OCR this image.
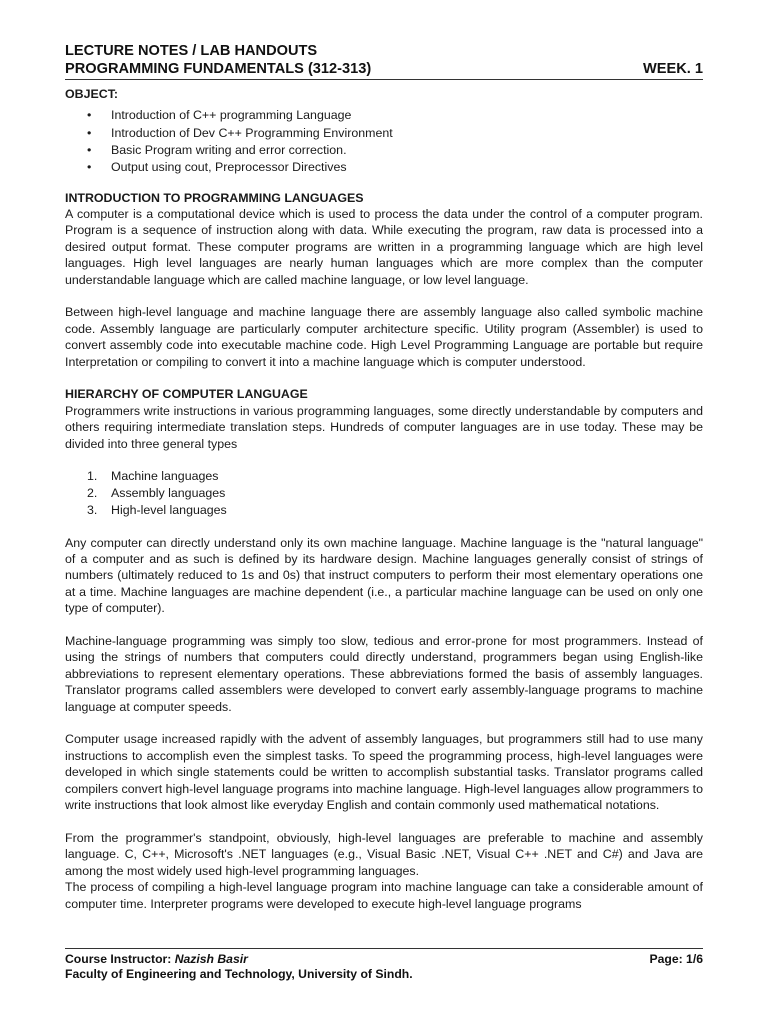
LECTURE NOTES / LAB HANDOUTS
PROGRAMMING FUNDAMENTALS (312-313)	WEEK. 1

OBJECT:

• Introduction of C++ programming Language
• Introduction of Dev C++ Programming Environment
• Basic Program writing and error correction.
• Output using cout, Preprocessor Directives

INTRODUCTION TO PROGRAMMING LANGUAGES

A computer is a computational device which is used to process the data under the control of a computer program. Program is a sequence of instruction along with data. While executing the program, raw data is processed into a desired output format. These computer programs are written in a programming language which are high level languages. High level languages are nearly human languages which are more complex than the computer understandable language which are called machine language, or low level language.

Between high-level language and machine language there are assembly language also called symbolic machine code. Assembly language are particularly computer architecture specific. Utility program (Assembler) is used to convert assembly code into executable machine code. High Level Programming Language are portable but require Interpretation or compiling to convert it into a machine language which is computer understood.

HIERARCHY OF COMPUTER LANGUAGE

Programmers write instructions in various programming languages, some directly understandable by computers and others requiring intermediate translation steps. Hundreds of computer languages are in use today. These may be divided into three general types

1. Machine languages
2. Assembly languages
3. High-level languages

Any computer can directly understand only its own machine language. Machine language is the "natural language" of a computer and as such is defined by its hardware design. Machine languages generally consist of strings of numbers (ultimately reduced to 1s and 0s) that instruct computers to perform their most elementary operations one at a time. Machine languages are machine dependent (i.e., a particular machine language can be used on only one type of computer).

Machine-language programming was simply too slow, tedious and error-prone for most programmers. Instead of using the strings of numbers that computers could directly understand, programmers began using English-like abbreviations to represent elementary operations. These abbreviations formed the basis of assembly languages. Translator programs called assemblers were developed to convert early assembly-language programs to machine language at computer speeds.

Computer usage increased rapidly with the advent of assembly languages, but programmers still had to use many instructions to accomplish even the simplest tasks. To speed the programming process, high-level languages were developed in which single statements could be written to accomplish substantial tasks. Translator programs called compilers convert high-level language programs into machine language. High-level languages allow programmers to write instructions that look almost like everyday English and contain commonly used mathematical notations.

From the programmer's standpoint, obviously, high-level languages are preferable to machine and assembly language. C, C++, Microsoft's .NET languages (e.g., Visual Basic .NET, Visual C++ .NET and C#) and Java are among the most widely used high-level programming languages.

The process of compiling a high-level language program into machine language can take a considerable amount of computer time. Interpreter programs were developed to execute high-level language programs

Course Instructor: Nazish Basir	Page: 1/6
Faculty of Engineering and Technology, University of Sindh.
